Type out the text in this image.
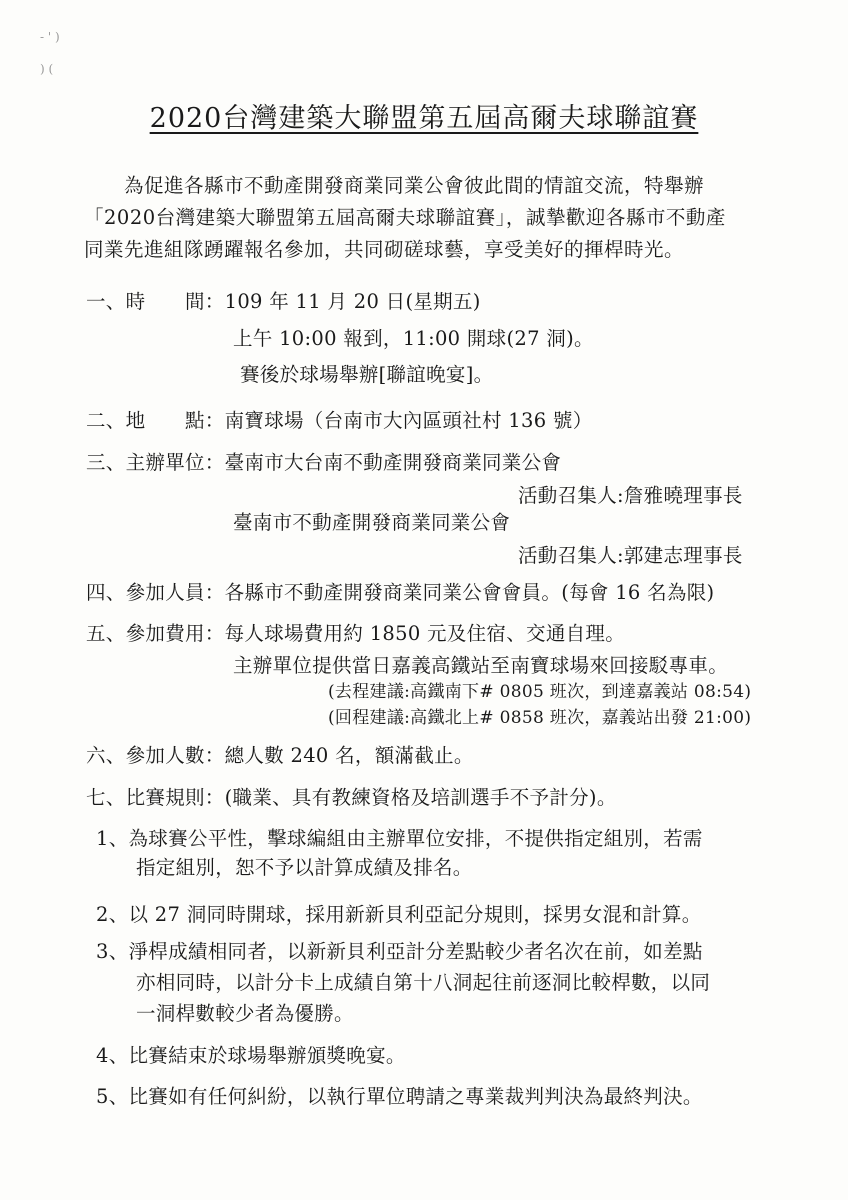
- ' )
) (
2020台灣建築大聯盟第五屆高爾夫球聯誼賽
為促進各縣市不動產開發商業同業公會彼此間的情誼交流，特舉辦
「2020台灣建築大聯盟第五屆高爾夫球聯誼賽」，誠摯歡迎各縣市不動產
同業先進組隊踴躍報名參加，共同砌磋球藝，享受美好的揮桿時光。
一、時　　間：109 年 11 月 20 日(星期五)
上午 10:00 報到，11:00 開球(27 洞)。
賽後於球場舉辦[聯誼晚宴]。
二、地　　點：南寶球場（台南市大內區頭社村 136 號）
三、主辦單位：臺南市大台南不動產開發商業同業公會
活動召集人:詹雅曉理事長
臺南市不動產開發商業同業公會
活動召集人:郭建志理事長
四、參加人員：各縣市不動產開發商業同業公會會員。(每會 16 名為限)
五、參加費用：每人球場費用約 1850 元及住宿、交通自理。
主辦單位提供當日嘉義高鐵站至南寶球場來回接駁專車。
(去程建議:高鐵南下# 0805 班次，到達嘉義站 08:54)
(回程建議:高鐵北上# 0858 班次，嘉義站出發 21:00)
六、參加人數：總人數 240 名，額滿截止。
七、比賽規則：(職業、具有教練資格及培訓選手不予計分)。
1、為球賽公平性，擊球編組由主辦單位安排，不提供指定組別，若需
指定組別，恕不予以計算成績及排名。
2、以 27 洞同時開球，採用新新貝利亞記分規則，採男女混和計算。
3、淨桿成績相同者，以新新貝利亞計分差點較少者名次在前，如差點
亦相同時，以計分卡上成績自第十八洞起往前逐洞比較桿數，以同
一洞桿數較少者為優勝。
4、比賽結束於球場舉辦頒獎晚宴。
5、比賽如有任何糾紛，以執行單位聘請之專業裁判判決為最終判決。
